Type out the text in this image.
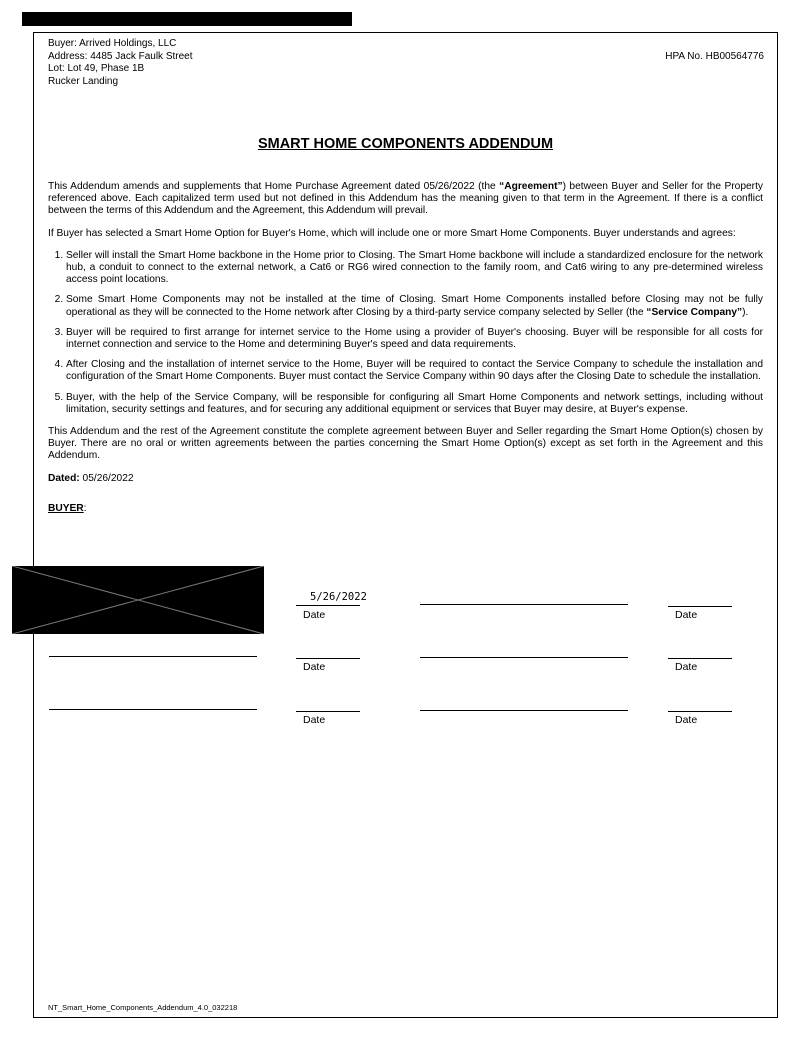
Buyer: Arrived Holdings, LLC
Address: 4485 Jack Faulk Street
Lot: Lot 49, Phase 1B
Rucker Landing
HPA No. HB00564776
SMART HOME COMPONENTS ADDENDUM

This Addendum amends and supplements that Home Purchase Agreement dated 05/26/2022 (the “Agreement”) between Buyer and Seller for the Property referenced above. Each capitalized term used but not defined in this Addendum has the meaning given to that term in the Agreement. If there is a conflict between the terms of this Addendum and the Agreement, this Addendum will prevail.

If Buyer has selected a Smart Home Option for Buyer's Home, which will include one or more Smart Home Components. Buyer understands and agrees:

1. Seller will install the Smart Home backbone in the Home prior to Closing. The Smart Home backbone will include a standardized enclosure for the network hub, a conduit to connect to the external network, a Cat6 or RG6 wired connection to the family room, and Cat6 wiring to any pre-determined wireless access point locations.
2. Some Smart Home Components may not be installed at the time of Closing. Smart Home Components installed before Closing may not be fully operational as they will be connected to the Home network after Closing by a third-party service company selected by Seller (the “Service Company”).
3. Buyer will be required to first arrange for internet service to the Home using a provider of Buyer's choosing. Buyer will be responsible for all costs for internet connection and service to the Home and determining Buyer's speed and data requirements.
4. After Closing and the installation of internet service to the Home, Buyer will be required to contact the Service Company to schedule the installation and configuration of the Smart Home Components. Buyer must contact the Service Company within 90 days after the Closing Date to schedule the installation.
5. Buyer, with the help of the Service Company, will be responsible for configuring all Smart Home Components and network settings, including without limitation, security settings and features, and for securing any additional equipment or services that Buyer may desire, at Buyer's expense.

This Addendum and the rest of the Agreement constitute the complete agreement between Buyer and Seller regarding the Smart Home Option(s) chosen by Buyer. There are no oral or written agreements between the parties concerning the Smart Home Option(s) except as set forth in the Agreement and this Addendum.

Dated: 05/26/2022

BUYER:

5/26/2022
Date	Date
Date	Date
Date	Date
NT_Smart_Home_Components_Addendum_4.0_032218
